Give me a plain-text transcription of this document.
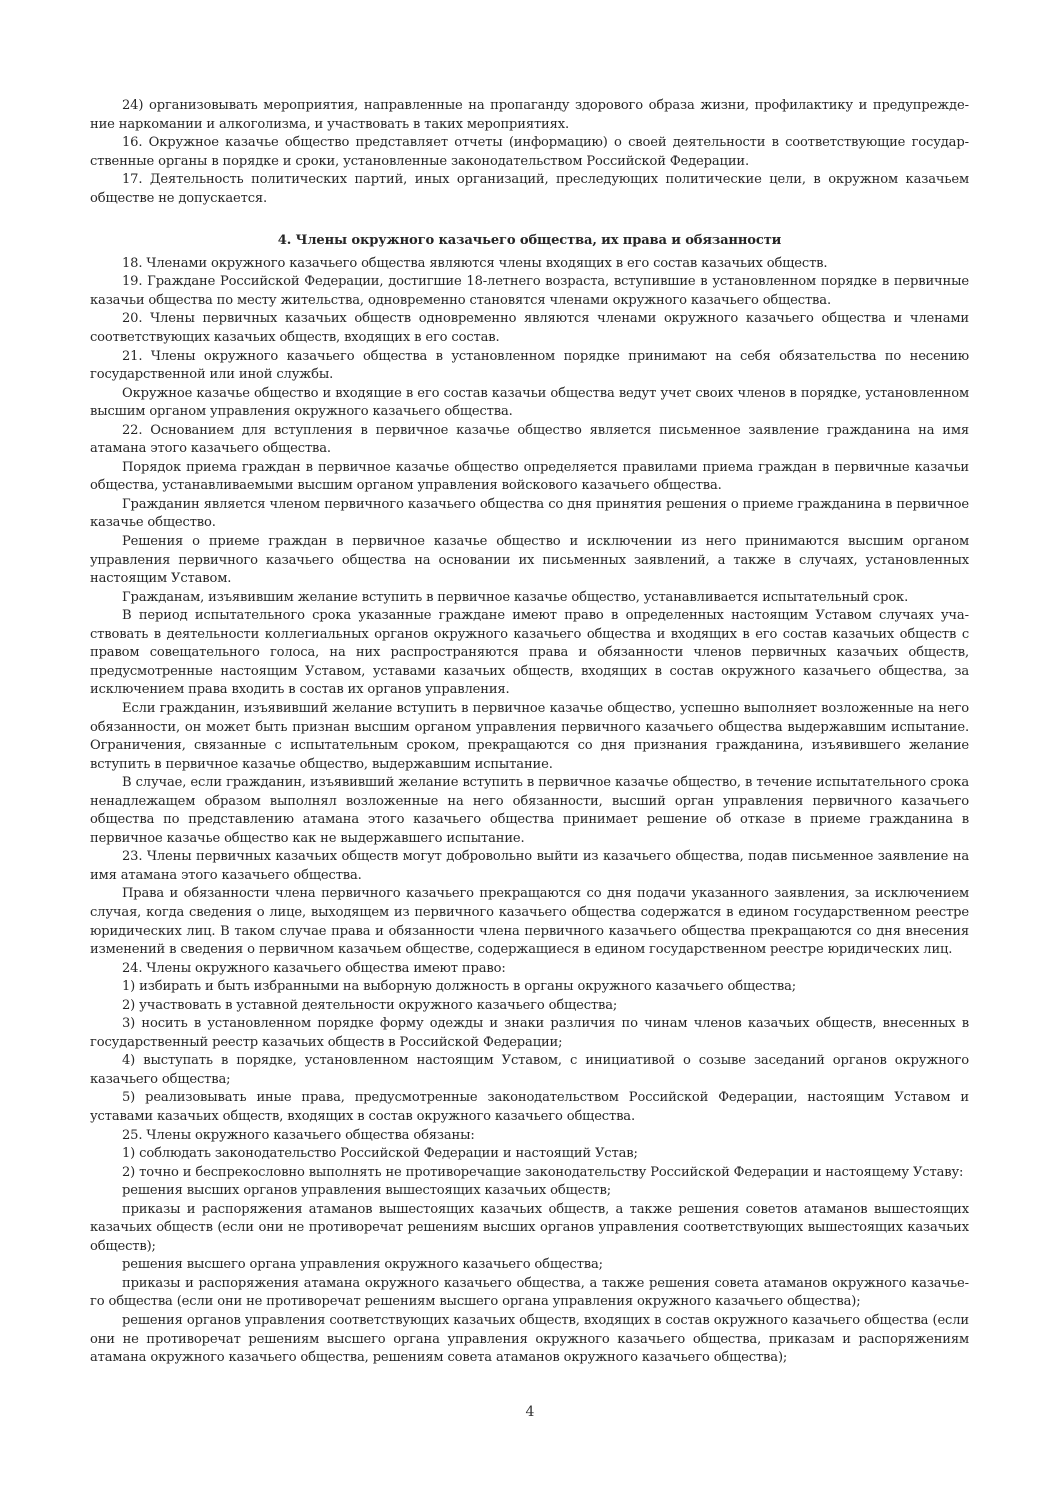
24) организовывать мероприятия, направленные на пропаганду здорового образа жизни, профилактику и предупреждение наркомании и алкоголизма, и участвовать в таких мероприятиях.

16. Окружное казачье общество представляет отчеты (информацию) о своей деятельности в соответствующие государственные органы в порядке и сроки, установленные законодательством Российской Федерации.

17. Деятельность политических партий, иных организаций, преследующих политические цели, в окружном казачьем обществе не допускается.

4. Члены окружного казачьего общества, их права и обязанности

18. Членами окружного казачьего общества являются члены входящих в его состав казачьих обществ.

19. Граждане Российской Федерации, достигшие 18-летнего возраста, вступившие в установленном порядке в первичные казачьи общества по месту жительства, одновременно становятся членами окружного казачьего общества.

20. Члены первичных казачьих обществ одновременно являются членами окружного казачьего общества и членами соответствующих казачьих обществ, входящих в его состав.

21. Члены окружного казачьего общества в установленном порядке принимают на себя обязательства по несению государственной или иной службы.

Окружное казачье общество и входящие в его состав казачьи общества ведут учет своих членов в порядке, установленном высшим органом управления окружного казачьего общества.

22. Основанием для вступления в первичное казачье общество является письменное заявление гражданина на имя атамана этого казачьего общества.

Порядок приема граждан в первичное казачье общество определяется правилами приема граждан в первичные казачьи общества, устанавливаемыми высшим органом управления войскового казачьего общества.

Гражданин является членом первичного казачьего общества со дня принятия решения о приеме гражданина в первичное казачье общество.

Решения о приеме граждан в первичное казачье общество и исключении из него принимаются высшим органом управления первичного казачьего общества на основании их письменных заявлений, а также в случаях, установленных настоящим Уставом.

Гражданам, изъявившим желание вступить в первичное казачье общество, устанавливается испытательный срок.

В период испытательного срока указанные граждане имеют право в определенных настоящим Уставом случаях участвовать в деятельности коллегиальных органов окружного казачьего общества и входящих в его состав казачьих обществ с правом совещательного голоса, на них распространяются права и обязанности членов первичных казачьих обществ, предусмотренные настоящим Уставом, уставами казачьих обществ, входящих в состав окружного казачьего общества, за исключением права входить в состав их органов управления.

Если гражданин, изъявивший желание вступить в первичное казачье общество, успешно выполняет возложенные на него обязанности, он может быть признан высшим органом управления первичного казачьего общества выдержавшим испытание. Ограничения, связанные с испытательным сроком, прекращаются со дня признания гражданина, изъявившего желание вступить в первичное казачье общество, выдержавшим испытание.

В случае, если гражданин, изъявивший желание вступить в первичное казачье общество, в течение испытательного срока ненадлежащем образом выполнял возложенные на него обязанности, высший орган управления первичного казачьего общества по представлению атамана этого казачьего общества принимает решение об отказе в приеме гражданина в первичное казачье общество как не выдержавшего испытание.

23. Члены первичных казачьих обществ могут добровольно выйти из казачьего общества, подав письменное заявление на имя атамана этого казачьего общества.

Права и обязанности члена первичного казачьего прекращаются со дня подачи указанного заявления, за исключением случая, когда сведения о лице, выходящем из первичного казачьего общества содержатся в едином государственном реестре юридических лиц. В таком случае права и обязанности члена первичного казачьего общества прекращаются со дня внесения изменений в сведения о первичном казачьем обществе, содержащиеся в едином государственном реестре юридических лиц.

24. Члены окружного казачьего общества имеют право:

1) избирать и быть избранными на выборную должность в органы окружного казачьего общества;

2) участвовать в уставной деятельности окружного казачьего общества;

3) носить в установленном порядке форму одежды и знаки различия по чинам членов казачьих обществ, внесенных в государственный реестр казачьих обществ в Российской Федерации;

4) выступать в порядке, установленном настоящим Уставом, с инициативой о созыве заседаний органов окружного казачьего общества;

5) реализовывать иные права, предусмотренные законодательством Российской Федерации, настоящим Уставом и уставами казачьих обществ, входящих в состав окружного казачьего общества.

25. Члены окружного казачьего общества обязаны:

1) соблюдать законодательство Российской Федерации и настоящий Устав;

2) точно и беспрекословно выполнять не противоречащие законодательству Российской Федерации и настоящему Уставу:

решения высших органов управления вышестоящих казачьих обществ;

приказы и распоряжения атаманов вышестоящих казачьих обществ, а также решения советов атаманов вышестоящих казачьих обществ (если они не противоречат решениям высших органов управления соответствующих вышестоящих казачьих обществ);

решения высшего органа управления окружного казачьего общества;

приказы и распоряжения атамана окружного казачьего общества, а также решения совета атаманов окружного казачьего общества (если они не противоречат решениям высшего органа управления окружного казачьего общества);

решения органов управления соответствующих казачьих обществ, входящих в состав окружного казачьего общества (если они не противоречат решениям высшего органа управления окружного казачьего общества, приказам и распоряжениям атамана окружного казачьего общества, решениям совета атаманов окружного казачьего общества);

4
